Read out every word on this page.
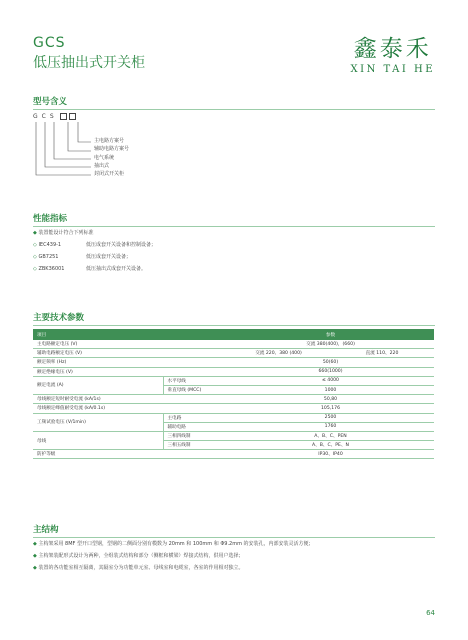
GCS
低压抽出式开关柜
鑫泰禾
XIN TAI HE
型号含义
GCS
主电路方案号
辅助电路方案号
电气系统
抽出式
封闭式开关柜
性能指标
◆ 装置能设计符合下列标准
◇ IEC439-1	低压成套开关设备和控制设备；
◇ GB7251	低压成套开关设备；
◇ ZBK36001	低压抽出式成套开关设备。
主要技术参数
项目		参数	
主电路额定电压 (V)		交流 380(400)，(660)	
辅助电路额定电压 (V)		交流 220、380 (400)	直流 110、220
额定频率 (Hz)		50(60)	
额定绝缘电压 (V)		660(1000)	
额定电流 (A)	水平母线	≤ 4000	
	垂直母线 (MCC)	1000	
母线额定短时耐受电流 (kA/1s)		50,80	
母线额定峰值耐受电流 (kA/0.1s)		105,176	
工频试验电压 (V/1min)	主电路	2500	
	辅助电路	1760	
母线	三相四线制	A、B、C、PEN	
	三相五线制	A、B、C、PE、N	
防护等级		IP30、IP40	
主结构
◆ 主构架采用 8MF 型开口型钢，型钢的二侧面分别有模数为 20mm 和 100mm 和 Φ9.2mm 的安装孔，内部安装灵活方便；
◆ 主构架装配形式设计为两种，全组装式结构和部分（侧框和横梁）焊接式结构，供用户选择；
◆ 装置的各功能室相互隔离，其隔室分为功能单元室、母线室和电缆室，各室的作用相对独立。
64
